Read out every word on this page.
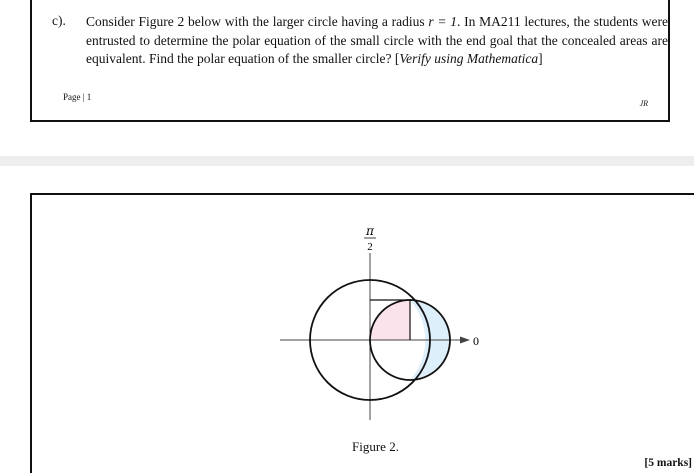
c). Consider Figure 2 below with the larger circle having a radius r = 1. In MA211 lectures, the students were entrusted to determine the polar equation of the small circle with the end goal that the concealed areas are equivalent. Find the polar equation of the smaller circle? [Verify using Mathematica]
Page | 1
JR
π
2
0
Figure 2.
[5 marks]
